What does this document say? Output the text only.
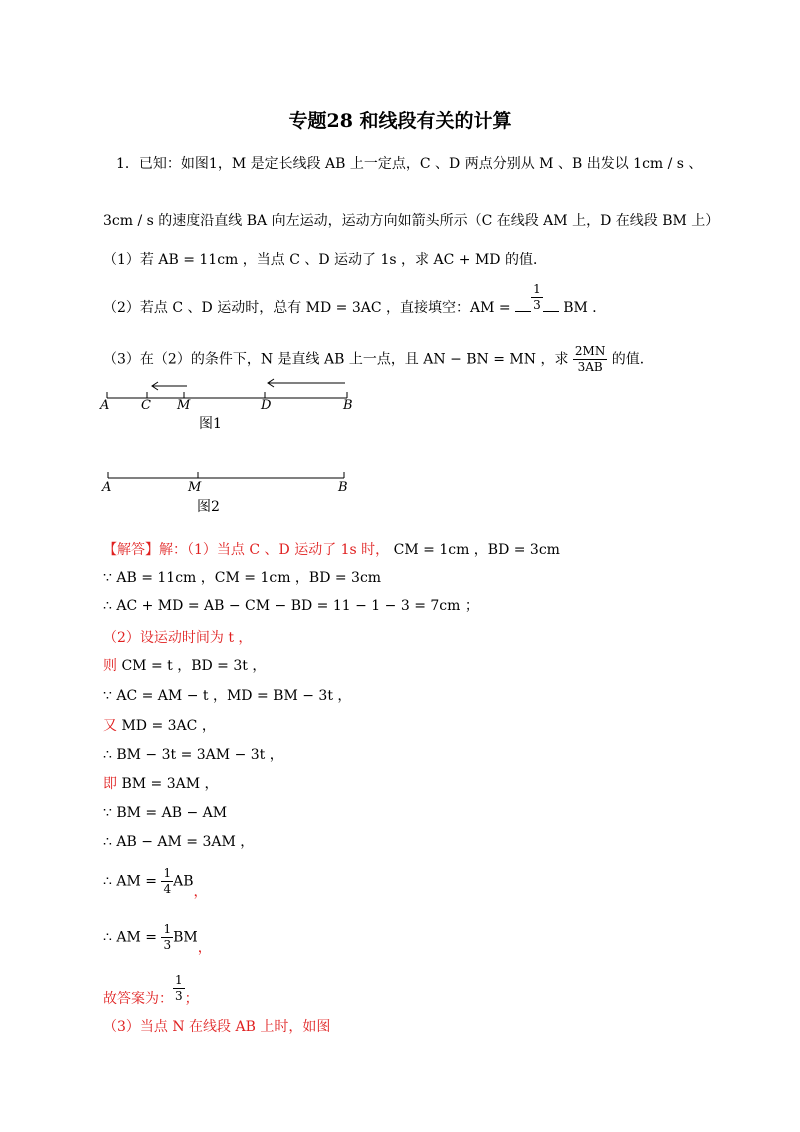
专题28 和线段有关的计算
1．已知：如图1，M 是定长线段 AB 上一定点，C 、D 两点分别从 M 、B 出发以 1cm / s 、
3cm / s 的速度沿直线 BA 向左运动，运动方向如箭头所示（C 在线段 AM 上，D 在线段 BM 上）
（1）若 AB = 11cm ，当点 C 、D 运动了 1s ，求 AC + MD 的值．
（2）若点 C 、D 运动时，总有 MD = 3AC ，直接填空：AM = $\frac{1}{3}$ BM ．
（3）在（2）的条件下，N 是直线 AB 上一点，且 AN − BN = MN ，求 $\frac{2MN}{3AB}$ 的值．
A C M	D	B
图1
A	M	B
图2
【解答】解：（1）当点 C 、D 运动了 1s 时， CM = 1cm ，BD = 3cm
∵ AB = 11cm ，CM = 1cm ，BD = 3cm
∴ AC + MD = AB − CM − BD = 11 − 1 − 3 = 7cm ；
（2）设运动时间为 t ，
则 CM = t ，BD = 3t ，
∵ AC = AM − t ，MD = BM − 3t ，
又 MD = 3AC ，
∴ BM − 3t = 3AM − 3t ，
即 BM = 3AM ，
∵ BM = AB − AM
∴ AB − AM = 3AM ，
∴ AM = $\frac{1}{4}$ AB，
∴ AM = $\frac{1}{3}$ BM，
故答案为： $\frac{1}{3}$ ；
（3）当点 N 在线段 AB 上时，如图
